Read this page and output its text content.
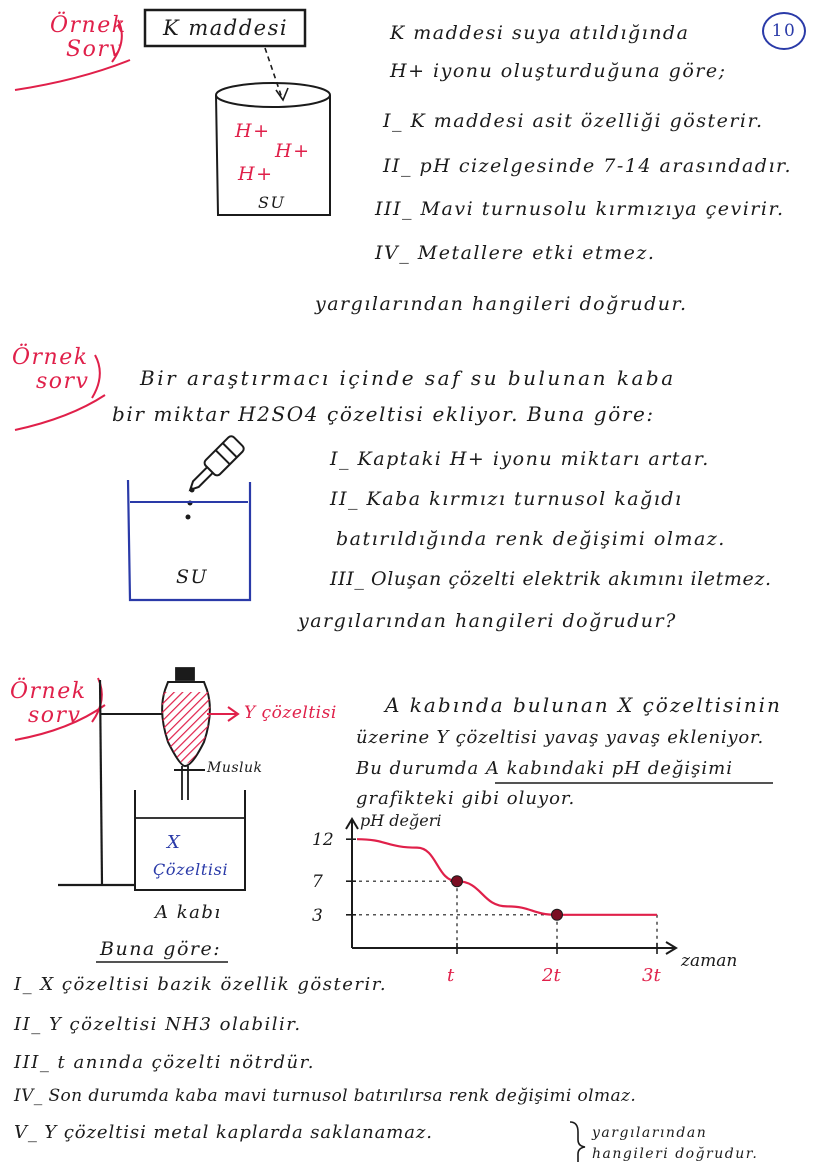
10
pH değeri
zaman
12
7
3
t	2t	3t
Örnek
Sorv
K maddesi
H+
H+
H+
SU
K maddesi suya atıldığında
H+ iyonu oluşturduğuna göre;
I_ K maddesi asit özelliği gösterir.
II_ pH cizelgesinde 7-14 arasındadır.
III_ Mavi turnusolu kırmızıya çevirir.
IV_ Metallere etki etmez.
yargılarından hangileri doğrudur.
Örnek
sorv	Bir araştırmacı içinde saf su bulunan kaba
bir miktar H2SO4 çözeltisi ekliyor. Buna göre:
SU
I_ Kaptaki H+ iyonu miktarı artar.
II_ Kaba kırmızı turnusol kağıdı
batırıldığında renk değişimi olmaz.
III_ Oluşan çözelti elektrik akımını iletmez.
yargılarından hangileri doğrudur?
Örnek
sorv	Y çözeltisi
Musluk
X
Çözeltisi
A kabı
A kabında bulunan X çözeltisinin
üzerine Y çözeltisi yavaş yavaş ekleniyor.
Bu durumda A kabındaki pH değişimi
grafikteki gibi oluyor.
Buna göre:
I_ X çözeltisi bazik özellik gösterir.
II_ Y çözeltisi NH3 olabilir.
III_ t anında çözelti nötrdür.
IV_ Son durumda kaba mavi turnusol batırılırsa renk değişimi olmaz.
V_ Y çözeltisi metal kaplarda saklanamaz.	yargılarından
hangileri doğrudur.
